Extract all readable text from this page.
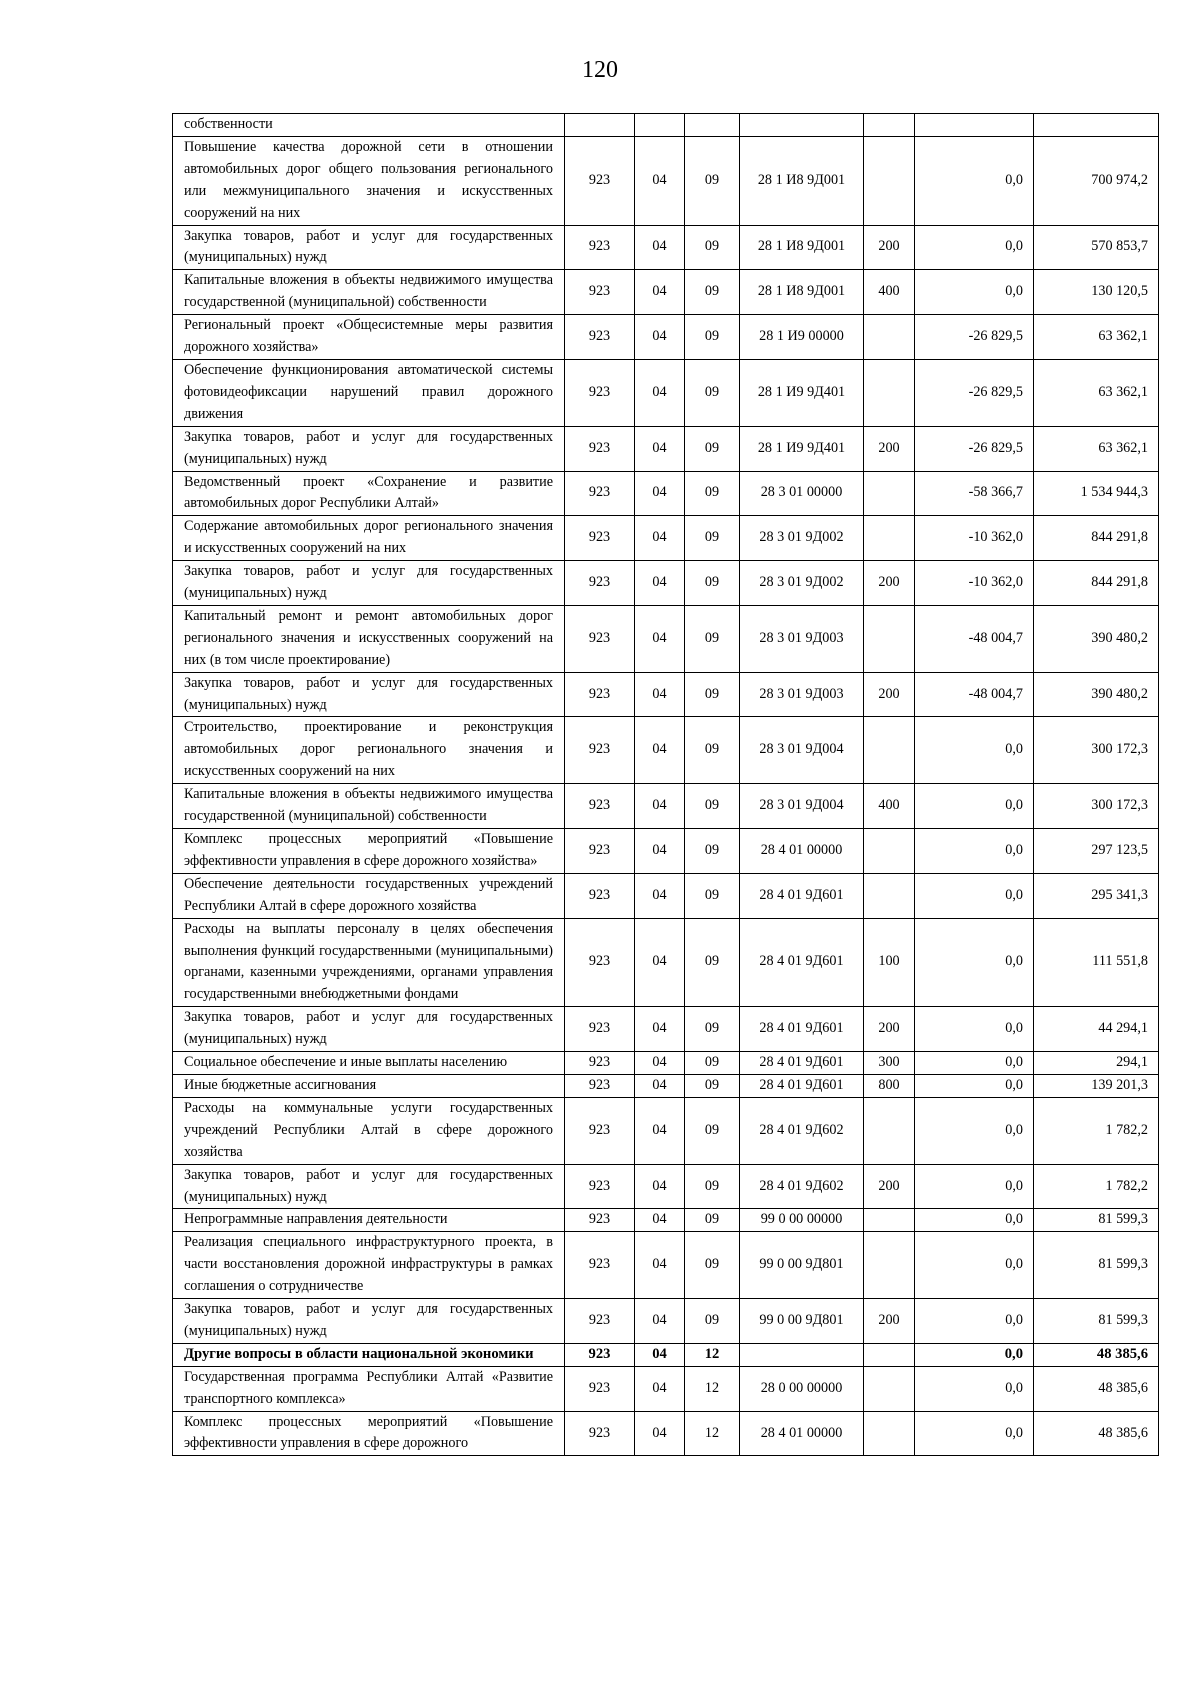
120
собственности							
Повышение качества дорожной сети в отношении автомобильных дорог общего пользования регионального или межмуниципального значения и искусственных сооружений на них	923	04	09	28 1 И8 9Д001		0,0	700 974,2
Закупка товаров, работ и услуг для государственных (муниципальных) нужд	923	04	09	28 1 И8 9Д001	200	0,0	570 853,7
Капитальные вложения в объекты недвижимого имущества государственной (муниципальной) собственности	923	04	09	28 1 И8 9Д001	400	0,0	130 120,5
Региональный проект «Общесистемные меры развития дорожного хозяйства»	923	04	09	28 1 И9 00000		-26 829,5	63 362,1
Обеспечение функционирования автоматической системы фотовидеофиксации нарушений правил дорожного движения	923	04	09	28 1 И9 9Д401		-26 829,5	63 362,1
Закупка товаров, работ и услуг для государственных (муниципальных) нужд	923	04	09	28 1 И9 9Д401	200	-26 829,5	63 362,1
Ведомственный проект «Сохранение и развитие автомобильных дорог Республики Алтай»	923	04	09	28 3 01 00000		-58 366,7	1 534 944,3
Содержание автомобильных дорог регионального значения и искусственных сооружений на них	923	04	09	28 3 01 9Д002		-10 362,0	844 291,8
Закупка товаров, работ и услуг для государственных (муниципальных) нужд	923	04	09	28 3 01 9Д002	200	-10 362,0	844 291,8
Капитальный ремонт и ремонт автомобильных дорог регионального значения и искусственных сооружений на них (в том числе проектирование)	923	04	09	28 3 01 9Д003		-48 004,7	390 480,2
Закупка товаров, работ и услуг для государственных (муниципальных) нужд	923	04	09	28 3 01 9Д003	200	-48 004,7	390 480,2
Строительство, проектирование и реконструкция автомобильных дорог регионального значения и искусственных сооружений на них	923	04	09	28 3 01 9Д004		0,0	300 172,3
Капитальные вложения в объекты недвижимого имущества государственной (муниципальной) собственности	923	04	09	28 3 01 9Д004	400	0,0	300 172,3
Комплекс процессных мероприятий «Повышение эффективности управления в сфере дорожного хозяйства»	923	04	09	28 4 01 00000		0,0	297 123,5
Обеспечение деятельности государственных учреждений Республики Алтай в сфере дорожного хозяйства	923	04	09	28 4 01 9Д601		0,0	295 341,3
Расходы на выплаты персоналу в целях обеспечения выполнения функций государственными (муниципальными) органами, казенными учреждениями, органами управления государственными внебюджетными фондами	923	04	09	28 4 01 9Д601	100	0,0	111 551,8
Закупка товаров, работ и услуг для государственных (муниципальных) нужд	923	04	09	28 4 01 9Д601	200	0,0	44 294,1
Социальное обеспечение и иные выплаты населению	923	04	09	28 4 01 9Д601	300	0,0	294,1
Иные бюджетные ассигнования	923	04	09	28 4 01 9Д601	800	0,0	139 201,3
Расходы на коммунальные услуги государственных учреждений Республики Алтай в сфере дорожного хозяйства	923	04	09	28 4 01 9Д602		0,0	1 782,2
Закупка товаров, работ и услуг для государственных (муниципальных) нужд	923	04	09	28 4 01 9Д602	200	0,0	1 782,2
Непрограммные направления деятельности	923	04	09	99 0 00 00000		0,0	81 599,3
Реализация специального инфраструктурного проекта, в части восстановления дорожной инфраструктуры в рамках соглашения о сотрудничестве	923	04	09	99 0 00 9Д801		0,0	81 599,3
Закупка товаров, работ и услуг для государственных (муниципальных) нужд	923	04	09	99 0 00 9Д801	200	0,0	81 599,3
Другие вопросы в области национальной экономики	923	04	12			0,0	48 385,6
Государственная программа Республики Алтай «Развитие транспортного комплекса»	923	04	12	28 0 00 00000		0,0	48 385,6
Комплекс процессных мероприятий «Повышение эффективности управления в сфере дорожного	923	04	12	28 4 01 00000		0,0	48 385,6
